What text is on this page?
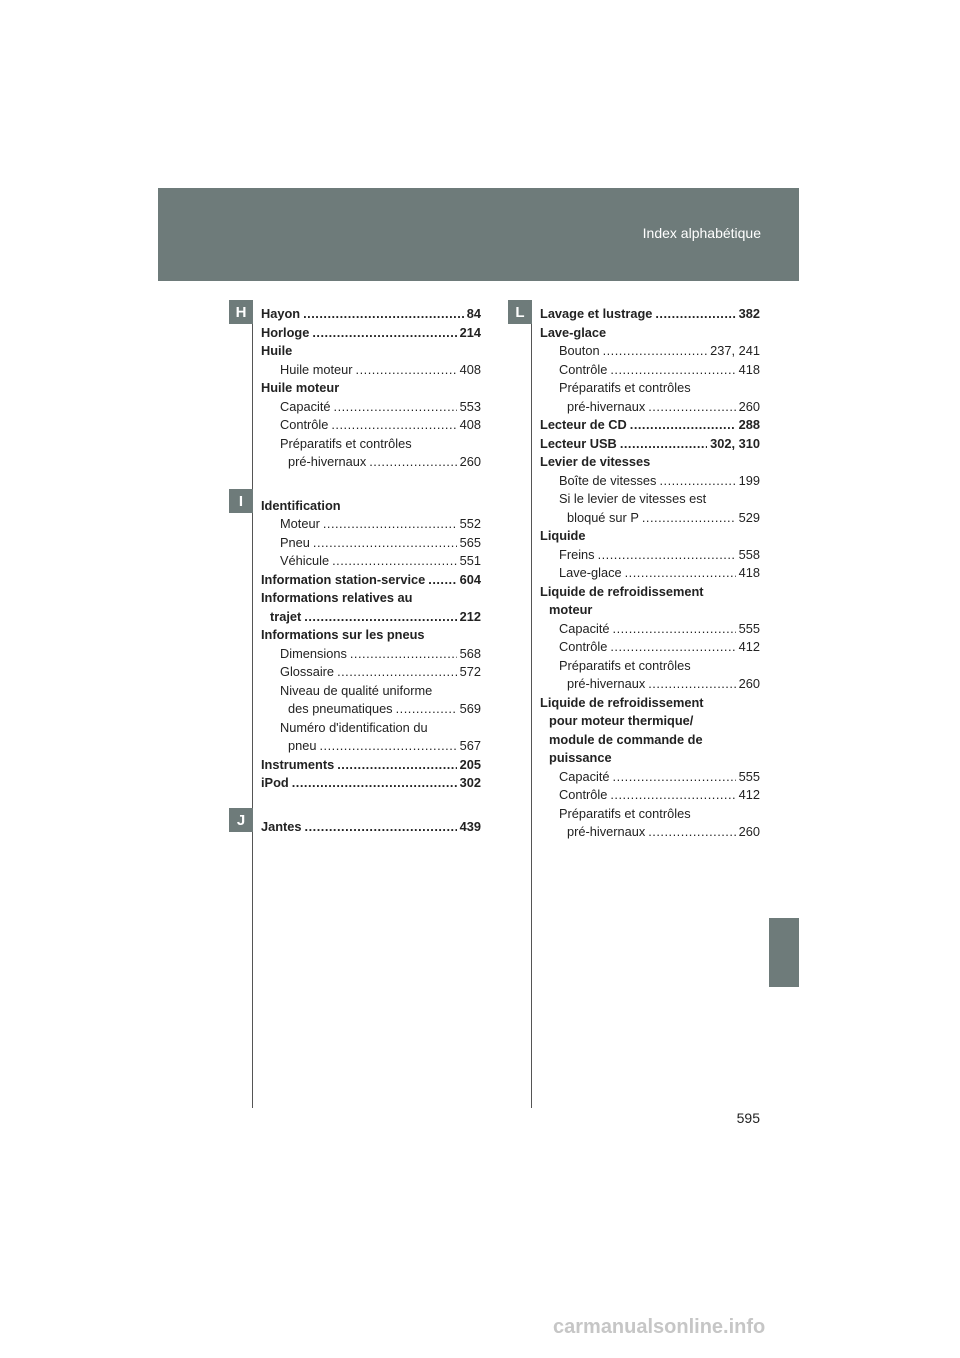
Index alphabétique
H
I
J
L
Hayon .....	84
Horloge .....	214
Huile
Huile moteur .....	408
Huile moteur
Capacité .....	553
Contrôle .....	408
Préparatifs et contrôles
pré-hivernaux .....	260
Identification
Moteur .....	552
Pneu .....	565
Véhicule .....	551
Information station-service .....	604
Informations relatives au
trajet .....	212
Informations sur les pneus
Dimensions .....	568
Glossaire .....	572
Niveau de qualité uniforme
des pneumatiques .....	569
Numéro d'identification du
pneu .....	567
Instruments .....	205
iPod .....	302
Jantes .....	439
Lavage et lustrage .....	382
Lave-glace
Bouton .....	237, 241
Contrôle .....	418
Préparatifs et contrôles
pré-hivernaux .....	260
Lecteur de CD .....	288
Lecteur USB .....	302, 310
Levier de vitesses
Boîte de vitesses .....	199
Si le levier de vitesses est
bloqué sur P .....	529
Liquide
Freins .....	558
Lave-glace .....	418
Liquide de refroidissement
moteur
Capacité .....	555
Contrôle .....	412
Préparatifs et contrôles
pré-hivernaux .....	260
Liquide de refroidissement
pour moteur thermique/
module de commande de
puissance
Capacité .....	555
Contrôle .....	412
Préparatifs et contrôles
pré-hivernaux .....	260
595
carmanualsonline.info
